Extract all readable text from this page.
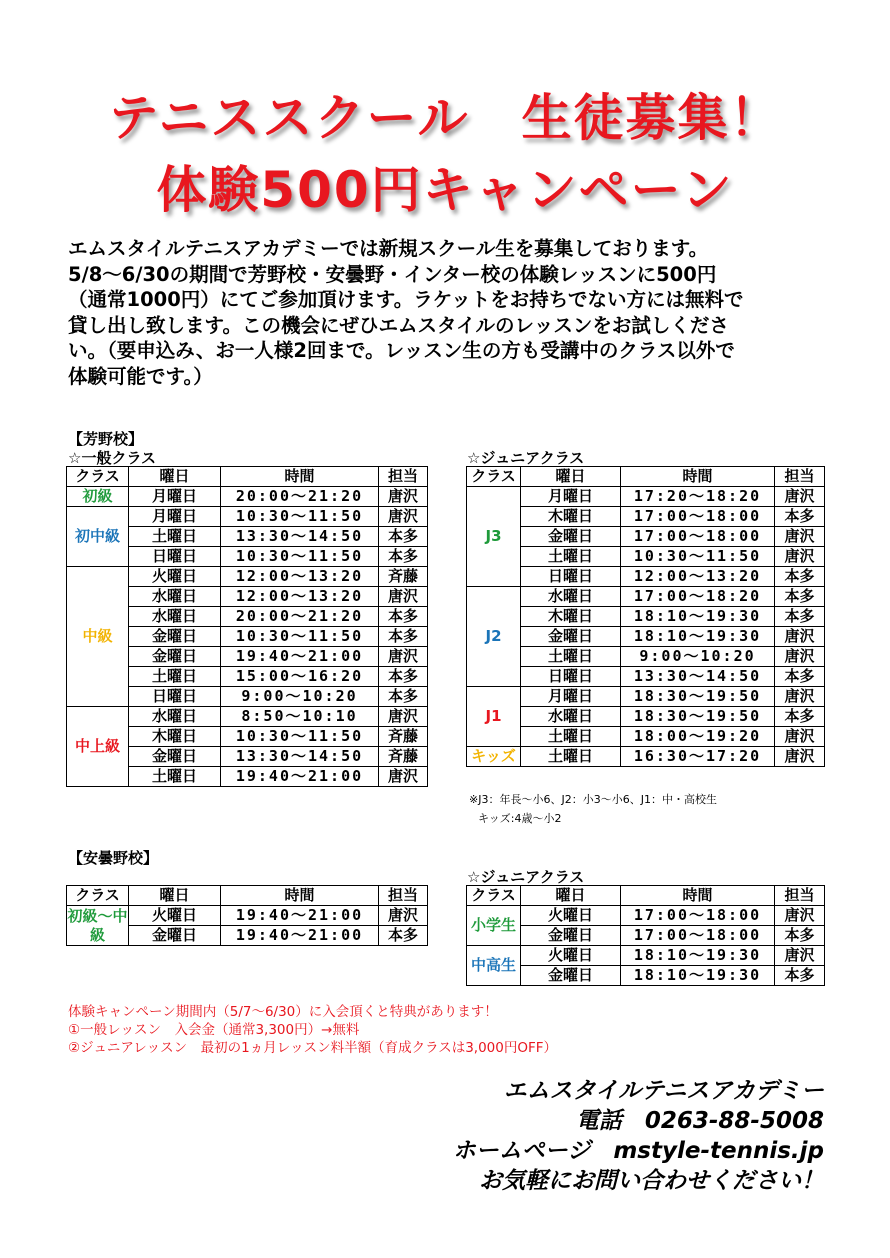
テニススクール　生徒募集！
体験500円キャンペーン
エムスタイルテニスアカデミーでは新規スクール生を募集しております。
5/8～6/30の期間で芳野校・安曇野・インター校の体験レッスンに500円
（通常1000円）にてご参加頂けます。ラケットをお持ちでない方には無料で
貸し出し致します。この機会にぜひエムスタイルのレッスンをお試しくださ
い。（要申込み、お一人様2回まで。レッスン生の方も受講中のクラス以外で
体験可能です。）
【芳野校】
☆一般クラス	☆ジュニアクラス
クラス	曜日	時間	担当
初級	月曜日	20:00～21:20	唐沢
初中級	月曜日	10:30～11:50	唐沢
	土曜日	13:30～14:50	本多
	日曜日	10:30～11:50	本多
中級	火曜日	12:00～13:20	斉藤
	水曜日	12:00～13:20	唐沢
	水曜日	20:00～21:20	本多
	金曜日	10:30～11:50	本多
	金曜日	19:40～21:00	唐沢
	土曜日	15:00～16:20	本多
	日曜日	9:00～10:20	本多
中上級	水曜日	8:50～10:10	唐沢
	木曜日	10:30～11:50	斉藤
	金曜日	13:30～14:50	斉藤
	土曜日	19:40～21:00	唐沢
クラス	曜日	時間	担当
J3	月曜日	17:20～18:20	唐沢
	木曜日	17:00～18:00	本多
	金曜日	17:00～18:00	唐沢
	土曜日	10:30～11:50	唐沢
	日曜日	12:00～13:20	本多
J2	水曜日	17:00～18:20	本多
	木曜日	18:10～19:30	本多
	金曜日	18:10～19:30	唐沢
	土曜日	9:00～10:20	唐沢
	日曜日	13:30～14:50	本多
J1	月曜日	18:30～19:50	唐沢
	水曜日	18:30～19:50	本多
	土曜日	18:00～19:20	唐沢
キッズ	土曜日	16:30～17:20	唐沢
※J3：年長～小6、J2：小3～小6、J1：中・高校生
キッズ:4歳～小2
【安曇野校】
☆ジュニアクラス
クラス	曜日	時間	担当
初級～中級	火曜日	19:40～21:00	唐沢
	金曜日	19:40～21:00	本多
クラス	曜日	時間	担当
小学生	火曜日	17:00～18:00	唐沢
	金曜日	17:00～18:00	本多
中高生	火曜日	18:10～19:30	唐沢
	金曜日	18:10～19:30	本多
体験キャンペーン期間内（5/7～6/30）に入会頂くと特典があります！
①一般レッスン　入会金（通常3,300円）→無料
②ジュニアレッスン　最初の1ヵ月レッスン料半額（育成クラスは3,000円OFF）
エムスタイルテニスアカデミー
電話　0263-88-5008
ホームページ　mstyle-tennis.jp
お気軽にお問い合わせください！
